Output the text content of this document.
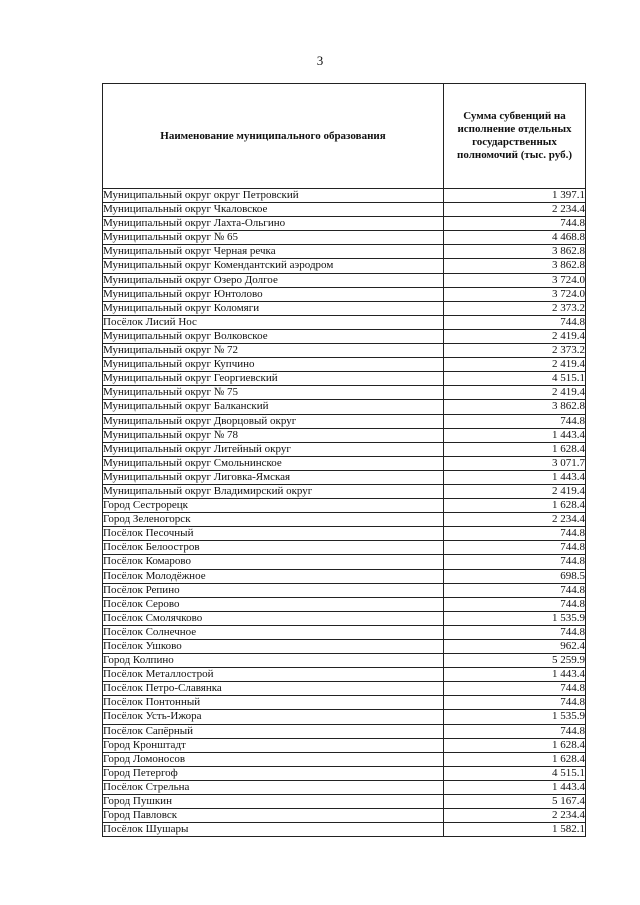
3
Наименование муниципального образования	Сумма субвенций на исполнение отдельных государственных полномочий (тыс. руб.)
Муниципальный округ округ Петровский	1 397.1
Муниципальный округ Чкаловское	2 234.4
Муниципальный округ Лахта-Ольгино	744.8
Муниципальный округ № 65	4 468.8
Муниципальный округ Черная речка	3 862.8
Муниципальный округ Комендантский аэродром	3 862.8
Муниципальный округ Озеро Долгое	3 724.0
Муниципальный округ Юнтолово	3 724.0
Муниципальный округ Коломяги	2 373.2
Посёлок Лисий Нос	744.8
Муниципальный округ Волковское	2 419.4
Муниципальный округ № 72	2 373.2
Муниципальный округ Купчино	2 419.4
Муниципальный округ Георгиевский	4 515.1
Муниципальный округ № 75	2 419.4
Муниципальный округ Балканский	3 862.8
Муниципальный округ Дворцовый округ	744.8
Муниципальный округ № 78	1 443.4
Муниципальный округ Литейный округ	1 628.4
Муниципальный округ Смольнинское	3 071.7
Муниципальный округ Лиговка-Ямская	1 443.4
Муниципальный округ Владимирский округ	2 419.4
Город Сестрорецк	1 628.4
Город Зеленогорск	2 234.4
Посёлок Песочный	744.8
Посёлок Белоостров	744.8
Посёлок Комарово	744.8
Посёлок Молодёжное	698.5
Посёлок Репино	744.8
Посёлок Серово	744.8
Посёлок Смолячково	1 535.9
Посёлок Солнечное	744.8
Посёлок Ушково	962.4
Город Колпино	5 259.9
Посёлок Металлострой	1 443.4
Посёлок Петро-Славянка	744.8
Посёлок Понтонный	744.8
Посёлок Усть-Ижора	1 535.9
Посёлок Сапёрный	744.8
Город Кронштадт	1 628.4
Город Ломоносов	1 628.4
Город Петергоф	4 515.1
Посёлок Стрельна	1 443.4
Город Пушкин	5 167.4
Город Павловск	2 234.4
Посёлок Шушары	1 582.1
